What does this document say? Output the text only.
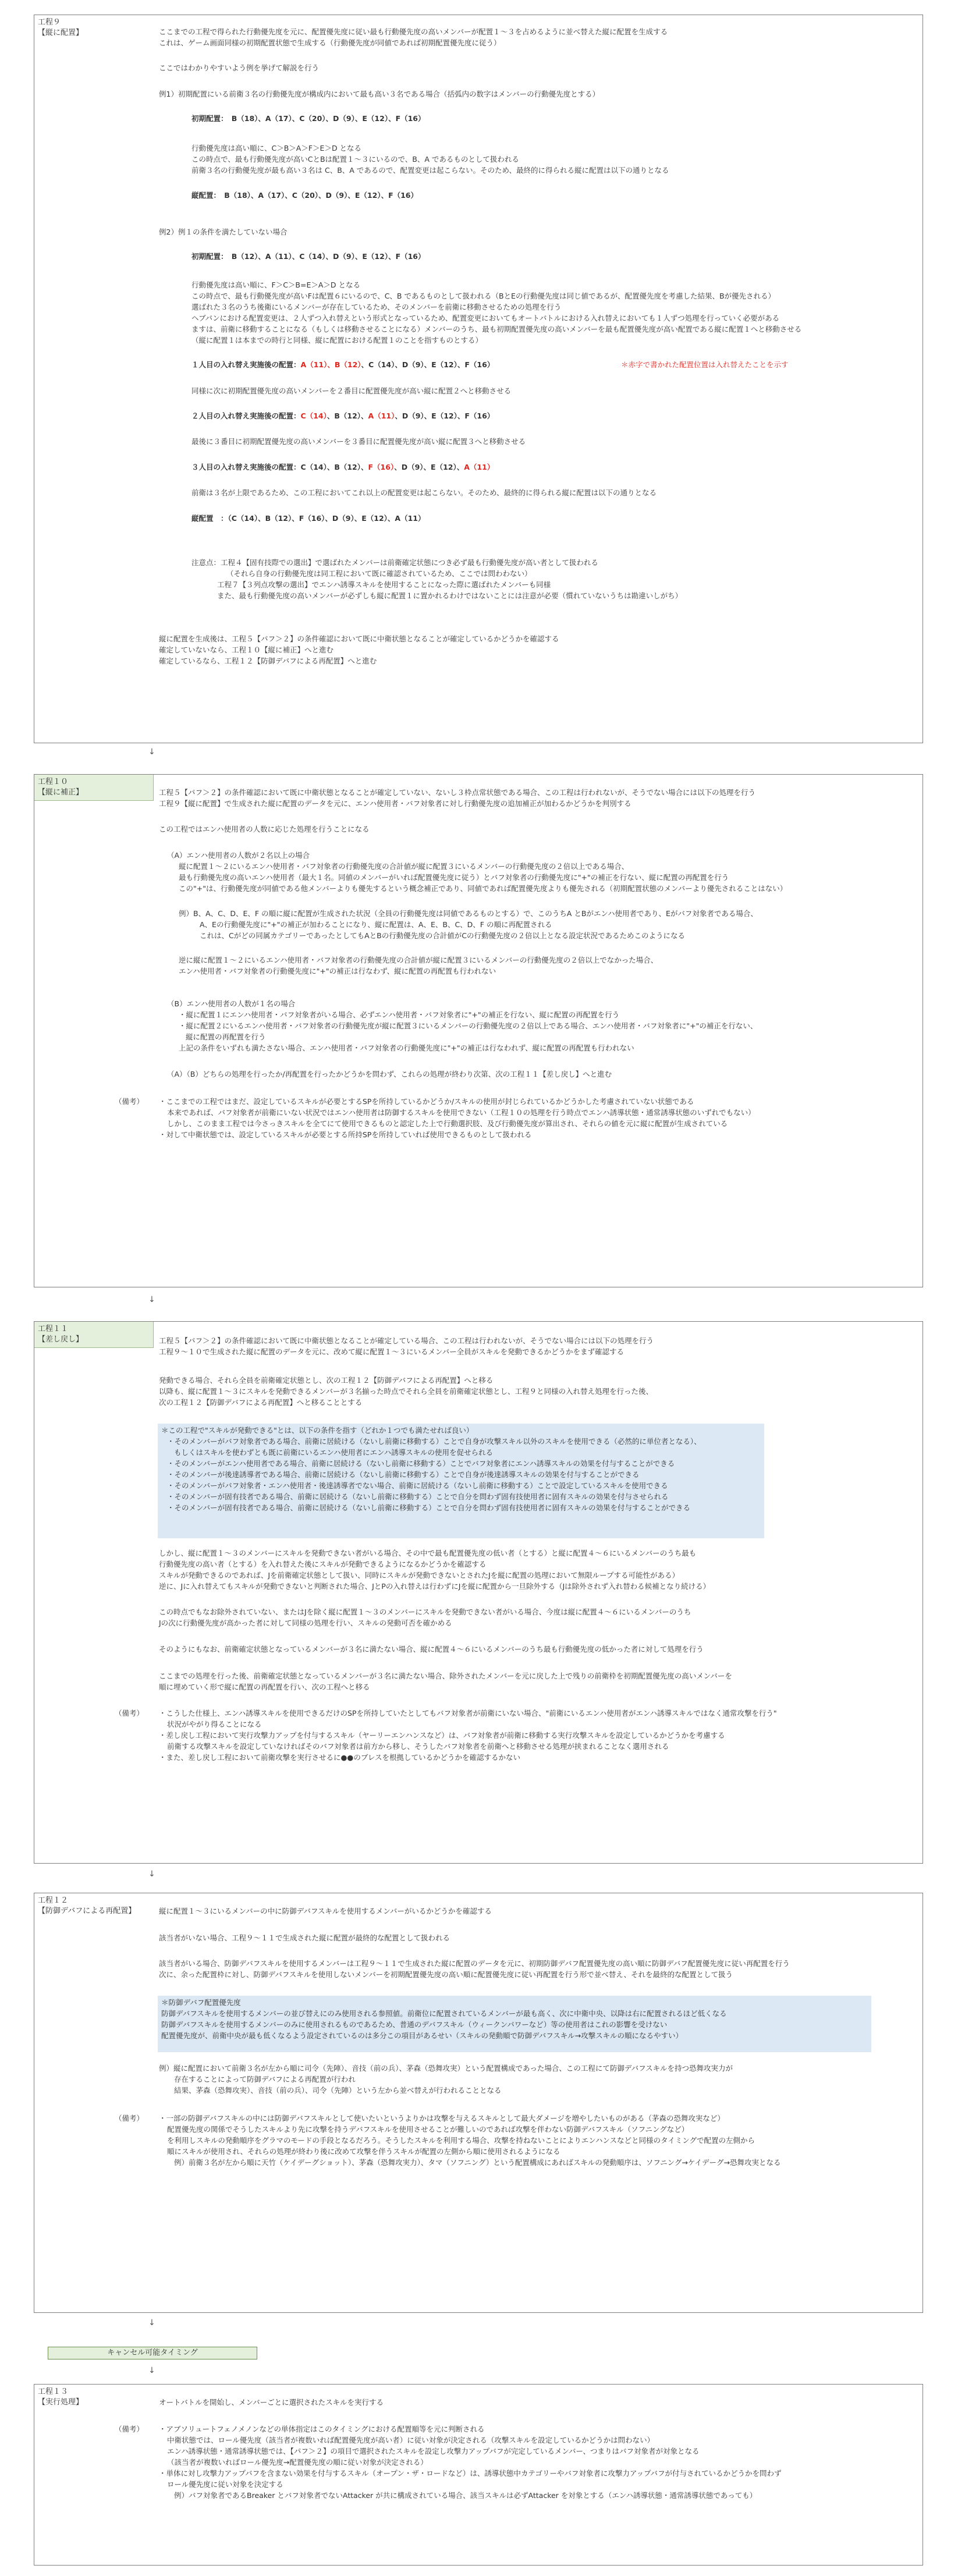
工程９
【縦に配置】	ここまでの工程で得られた行動優先度を元に、配置優先度に従い最も行動優先度の高いメンバーが配置１～３を占めるように並べ替えた縦に配置を生成する
これは、ゲーム画面同様の初期配置状態で生成する（行動優先度が同値であれば初期配置優先度に従う）
ここではわかりやすいよう例を挙げて解説を行う
例1）初期配置にいる前衛３名の行動優先度が構成内において最も高い３名である場合（括弧内の数字はメンバーの行動優先度とする）
初期配置：　B（18）、A（17）、C（20）、D（9）、E（12）、F（16）
行動優先度は高い順に、C＞B＞A＞F＞E＞D となる
この時点で、最も行動優先度が高いCとBは配置１～３にいるので、B、A であるものとして扱われる
前衛３名の行動優先度が最も高い３名は C、B、A であるので、配置変更は起こらない。そのため、最終的に得られる縦に配置は以下の通りとなる
縦配置：　B（18）、A（17）、C（20）、D（9）、E（12）、F（16）
例2）例１の条件を満たしていない場合
初期配置：　B（12）、A（11）、C（14）、D（9）、E（12）、F（16）
行動優先度は高い順に、F＞C＞B=E＞A＞D となる
この時点で、最も行動優先度が高いFは配置６にいるので、C、B であるものとして扱われる（BとEの行動優先度は同じ値であるが、配置優先度を考慮した結果、Bが優先される）
選ばれた３名のうち後衛にいるメンバーが存在しているため、そのメンバーを前衛に移動させるための処理を行う
ヘブバンにおける配置変更は、２人ずつ入れ替えという形式となっているため、配置変更においてもオートバトルにおける入れ替えにおいても１人ずつ処理を行っていく必要がある
ますは、前衛に移動することになる（もしくは移動させることになる）メンバーのうち、最も初期配置優先度の高いメンバーを最も配置優先度が高い配置である縦に配置１へと移動させる
（縦に配置１は本までの時行と同様、縦に配置における配置１のことを指すものとする）
１人目の入れ替え実施後の配置：A（11）、B（12）、C（14）、D（9）、E（12）、F（16）	＊赤字で書かれた配置位置は入れ替えたことを示す
同様に次に初期配置優先度の高いメンバーを２番目に配置優先度が高い縦に配置２へと移動させる
２人目の入れ替え実施後の配置：C（14）、B（12）、A（11）、D（9）、E（12）、F（16）
最後に３番目に初期配置優先度の高いメンバーを３番目に配置優先度が高い縦に配置３へと移動させる
３人目の入れ替え実施後の配置：C（14）、B（12）、F（16）、D（9）、E（12）、A（11）
前衛は３名が上限であるため、この工程においてこれ以上の配置変更は起こらない。そのため、最終的に得られる縦に配置は以下の通りとなる
縦配置　：（C（14）、B（12）、F（16）、D（9）、E（12）、A（11）
注意点：工程４【固有技際での選出】で選ばれたメンバーは前衛確定状態につき必ず最も行動優先度が高い者として扱われる
（それら自身の行動優先度は同工程において既に確認されているため、ここでは問わわない）
工程７【３列点攻撃の選出】でエンハ誘導スキルを使用することになった際に選ばれたメンバーも同様
また、最も行動優先度の高いメンバーが必ずしも縦に配置１に置かれるわけではないことには注意が必要（慣れていないうちは勘違いしがち）
縦に配置を生成後は、工程５【パフ＞２】の条件確認において既に中衛状態となることが確定しているかどうかを確認する
確定していないなら、工程１０【縦に補正】へと進む
確定しているなら、工程１２【防御デバフによる再配置】へと進む
↓
工程１０
【縦に補正】	工程５【パフ＞２】の条件確認において既に中衛状態となることが確定していない、ないし３枠点常状態である場合、この工程は行われないが、そうでない場合には以下の処理を行う
工程９【縦に配置】で生成された縦に配置のデータを元に、エンハ使用者・バフ対象者に対し行動優先度の追加補正が加わるかどうかを判別する
この工程ではエンハ使用者の人数に応じた処理を行うことになる
（A）エンハ使用者の人数が２名以上の場合
縦に配置１～２にいるエンハ使用者・バフ対象者の行動優先度の合計値が縦に配置３にいるメンバーの行動優先度の２倍以上である場合、
最も行動優先度の高いエンハ使用者（最大１名。同値のメンバーがいれば配置優先度に従う）とバフ対象者の行動優先度に"+"の補正を行ない、縦に配置の再配置を行う
この"+"は、行動優先度が同値である他メンバーよりも優先するという概念補正であり、同値であれば配置優先度よりも優先される（初期配置状態のメンバーより優先されることはない）
例）B、A、C、D、E、F の順に縦に配置が生成された状況（全員の行動優先度は同値であるものとする）で、このうちA とBがエンハ使用者であり、Eがバフ対象者である場合、
A、Eの行動優先度に"+"の補正が加わることになり、縦に配置は、A、E、B、C、D、F の順に再配置される
これは、Cがどの同属カテゴリーであったとしてもAとBの行動優先度の合計値がCの行動優先度の２倍以上となる設定状況であるためこのようになる
逆に縦に配置１～２にいるエンハ使用者・バフ対象者の行動優先度の合計値が縦に配置３にいるメンバーの行動優先度の２倍以上でなかった場合、
エンハ使用者・バフ対象者の行動優先度に"+"の補正は行なわず、縦に配置の再配置も行われない
（B）エンハ使用者の人数が１名の場合
・縦に配置１にエンハ使用者・バフ対象者がいる場合、必ずエンハ使用者・バフ対象者に"+"の補正を行ない、縦に配置の再配置を行う
・縦に配置２にいるエンハ使用者・バフ対象者の行動優先度が縦に配置３にいるメンバーの行動優先度の２倍以上である場合、エンハ使用者・バフ対象者に"+"の補正を行ない、
縦に配置の再配置を行う
上記の条件をいずれも満たさない場合、エンハ使用者・バフ対象者の行動優先度に"+"の補正は行なわれず、縦に配置の再配置も行われない
（A）（B）どちらの処理を行ったか/再配置を行ったかどうかを問わず、これらの処理が終わり次第、次の工程１１【差し戻し】へと進む
（備考） ・ここまでの工程ではまだ、設定しているスキルが必要とするSPを所持しているかどうか/スキルの使用が封じられているかどうかした考慮されていない状態である
本来であれば、バフ対象者が前衛にいない状況ではエンハ使用者は防御するスキルを使用できない（工程１０の処理を行う時点でエンハ誘導状態・通常誘導状態のいずれでもない）
しかし、このまま工程では今さっきスキルを全てにて使用できるものと認定した上で行動選択肢、及び行動優先度が算出され、それらの値を元に縦に配置が生成されている
・対して中衛状態では、設定しているスキルが必要とする所持SPを所持していれば使用できるものとして扱われる
↓
工程１１
【差し戻し】	工程５【パフ＞２】の条件確認において既に中衛状態となることが確定している場合、この工程は行われないが、そうでない場合には以下の処理を行う
工程９～１０で生成された縦に配置のデータを元に、改めて縦に配置１～３にいるメンバー全員がスキルを発動できるかどうかをまず確認する
発動できる場合、それら全員を前衛確定状態とし、次の工程１２【防御デバフによる再配置】へと移る
以降も、縦に配置１～３にスキルを発動できるメンバーが３名揃った時点でそれら全員を前衛確定状態とし、工程９と同様の入れ替え処理を行った後、
次の工程１２【防御デバフによる再配置】へと移ることとする
＊この工程で"スキルが発動できる"とは、以下の条件を指す（どれか１つでも満たせれば良い）
・そのメンバーがバフ対象者である場合、前衛に居続ける（ないし前衛に移動する）ことで自身が攻撃スキル以外のスキルを使用できる（必然的に単位者となる）、
もしくはスキルを使わずとも既に前衛にいるエンハ使用者にエンハ誘導スキルの使用を促せられる
・そのメンバーがエンハ使用者である場合、前衛に居続ける（ないし前衛に移動する）ことでバフ対象者にエンハ誘導スキルの効果を付与することができる
・そのメンバーが後達誘導者である場合、前衛に居続ける（ないし前衛に移動する）ことで自身が後達誘導スキルの効果を付与することができる
・そのメンバーがバフ対象者・エンハ使用者・後達誘導者でない場合、前衛に居続ける（ないし前衛に移動する）ことで設定しているスキルを使用できる
・そのメンバーが固有技者である場合、前衛に居続ける（ないし前衛に移動する）ことで自分を問わず固有技使用者に固有スキルの効果を付与させられる
・そのメンバーが固有技者である場合、前衛に居続ける（ないし前衛に移動する）ことで自分を問わず固有技使用者に固有スキルの効果を付与することができる
しかし、縦に配置１～３のメンバーにスキルを発動できない者がいる場合、その中で最も配置優先度の低い者（とする）と縦に配置４～６にいるメンバーのうち最も
行動優先度の高い者（とする）を入れ替えた後にスキルが発動できるようになるかどうかを確認する
スキルが発動できるのであれば、Jを前衛確定状態として扱い、同時にスキルが発動できないとされたJを縦に配置の処理において無限ループする可能性がある）
逆に、Jに入れ替えてもスキルが発動できないと判断された場合、JとPの入れ替えは行わずにJを縦に配置から一旦除外する（Jは除外されず入れ替わる候補となり続ける）
この時点でもなお除外されていない、またはJを除く縦に配置１～３のメンバーにスキルを発動できない者がいる場合、今度は縦に配置４～６にいるメンバーのうち
Jの次に行動優先度が高かった者に対して同様の処理を行い、スキルの発動可否を確かめる
そのようにもなお、前衛確定状態となっているメンバーが３名に満たない場合、縦に配置４～６にいるメンバーのうち最も行動優先度の低かった者に対して処理を行う
ここまでの処理を行った後、前衛確定状態となっているメンバーが３名に満たない場合、除外されたメンバーを元に戻した上で残りの前衛枠を初期配置優先度の高いメンバーを
順に埋めていく形で縦に配置の再配置を行い、次の工程へと移る
（備考） ・こうした仕様上、エンハ誘導スキルを使用できるだけのSPを所持していたとしてもバフ対象者が前衛にいない場合、"前衛にいるエンハ使用者がエンハ誘導スキルではなく通常攻撃を行う"
状況がやがり得ることになる
・差し戻し工程において実行攻撃力アップを付与するスキル（ヤーリーエンハンスなど）は、バフ対象者が前衛に移動する実行攻撃スキルを設定しているかどうかを考慮する
前衛する攻撃スキルを設定していなければそのバフ対象者は前方から移し、そうしたバフ対象者を前衛へと移動させる処理が挟まれることなく選用される
・また、差し戻し工程において前衛攻撃を実行させるに●●のブレスを根拠しているかどうかを確認するかない
↓
工程１２
【防御デバフによる再配置】	縦に配置１～３にいるメンバーの中に防御デバフスキルを使用するメンバーがいるかどうかを確認する
該当者がいない場合、工程９～１１で生成された縦に配置が最終的な配置として扱われる
該当者がいる場合、防御デバフスキルを使用するメンバーは工程９～１１で生成された縦に配置のデータを元に、初期防御デバフ配置優先度の高い順に防御デバフ配置優先度に従い再配置を行う
次に、余った配置枠に対し、防御デバフスキルを使用しないメンバーを初期配置優先度の高い順に配置優先度に従い再配置を行う形で並べ替え、それを最終的な配置として扱う
＊防御デバフ配置優先度
防御デバフスキルを使用するメンバーの並び替えにのみ使用される参照値。前衛位に配置されているメンバーが最も高く、次に中衛中央、以降は右に配置されるほど低くなる
防御デバフスキルを使用するメンバーのみに使用されるものであるため、普通のデバフスキル（ウィークンパワーなど）等の使用者はこれの影響を受けない
配置優先度が、前衛中央が最も低くなるよう設定されているのは多分この項目があるせい（スキルの発動順で防御デバフスキル→攻撃スキルの順になるやすい）
例）縦に配置において前衛３名が左から順に司令（先陣）、音技（前の兵）、茅森（恐舞攻実）という配置構成であった場合、この工程にて防御デバフスキルを持つ恐舞攻実力が
存在することによって防御デバフによる再配置が行われ
結果、茅森（恐舞攻実）、音技（前の兵）、司令（先陣）という左から並べ替えが行われることとなる
（備考） ・一部の防御デバフスキルの中には防御デバフスキルとして使いたいというよりかは攻撃を与えるスキルとして最大ダメージを増やしたいものがある（茅森の恐舞攻実など）
配置優先度の関係でそうしたスキルより先に攻撃を持うデバフスキルを使用させることが難しいのであれば攻撃を伴わない防御デバフスキル（ソフニングなど）
を利用しスキルの発動順序をグラマのモードの手段となるだろう。そうしたスキルを利用する場合、攻撃を持ねないことによりエンハンスなどと同様のタイミングで配置の左側から
順にスキルが使用され、それらの処理が終わり後に改めて攻撃を伴うスキルが配置の左側から順に使用されるようになる
例）前衛３名が左から順に天竹（ケイデーグショット）、茅森（恐舞攻実力）、タマ（ソフニング）という配置構成にあればスキルの発動順序は、ソフニング→ケイデーグ→恐舞攻実となる
↓
キャンセル可能タイミング
↓
工程１３
【実行処理】	オートバトルを開始し、メンバーごとに選択されたスキルを実行する
（備考） ・アブソリュートフェノメノンなどの単体指定はこのタイミングにおける配置順等を元に判断される
中衛状態では、ロール優先度（該当者が複数いれば配置優先度が高い者）に従い対象が決定される（攻撃スキルを設定しているかどうかは問わない）
エンハ誘導状態・通常誘導状態では、【パフ＞２】の項目で選択されたスキルを設定し攻撃力アップバフが完定しているメンバー、つまりはバフ対象者が対象となる
（該当者が複数いればロール優先度→配置優先度の順に従い対象が決定される）
・単体に対し攻撃力アップバフを含まない効果を付与するスキル（オープン・ザ・ロードなど）は、誘導状態中カテゴリーやバフ対象者に攻撃力アップバフが付与されているかどうかを問わず
ロール優先度に従い対象を決定する
例）バフ対象者であるBreaker とバフ対象者でないAttacker が共に構成されている場合、該当スキルは必ずAttacker を対象とする（エンハ誘導状態・通常誘導状態であっても）
